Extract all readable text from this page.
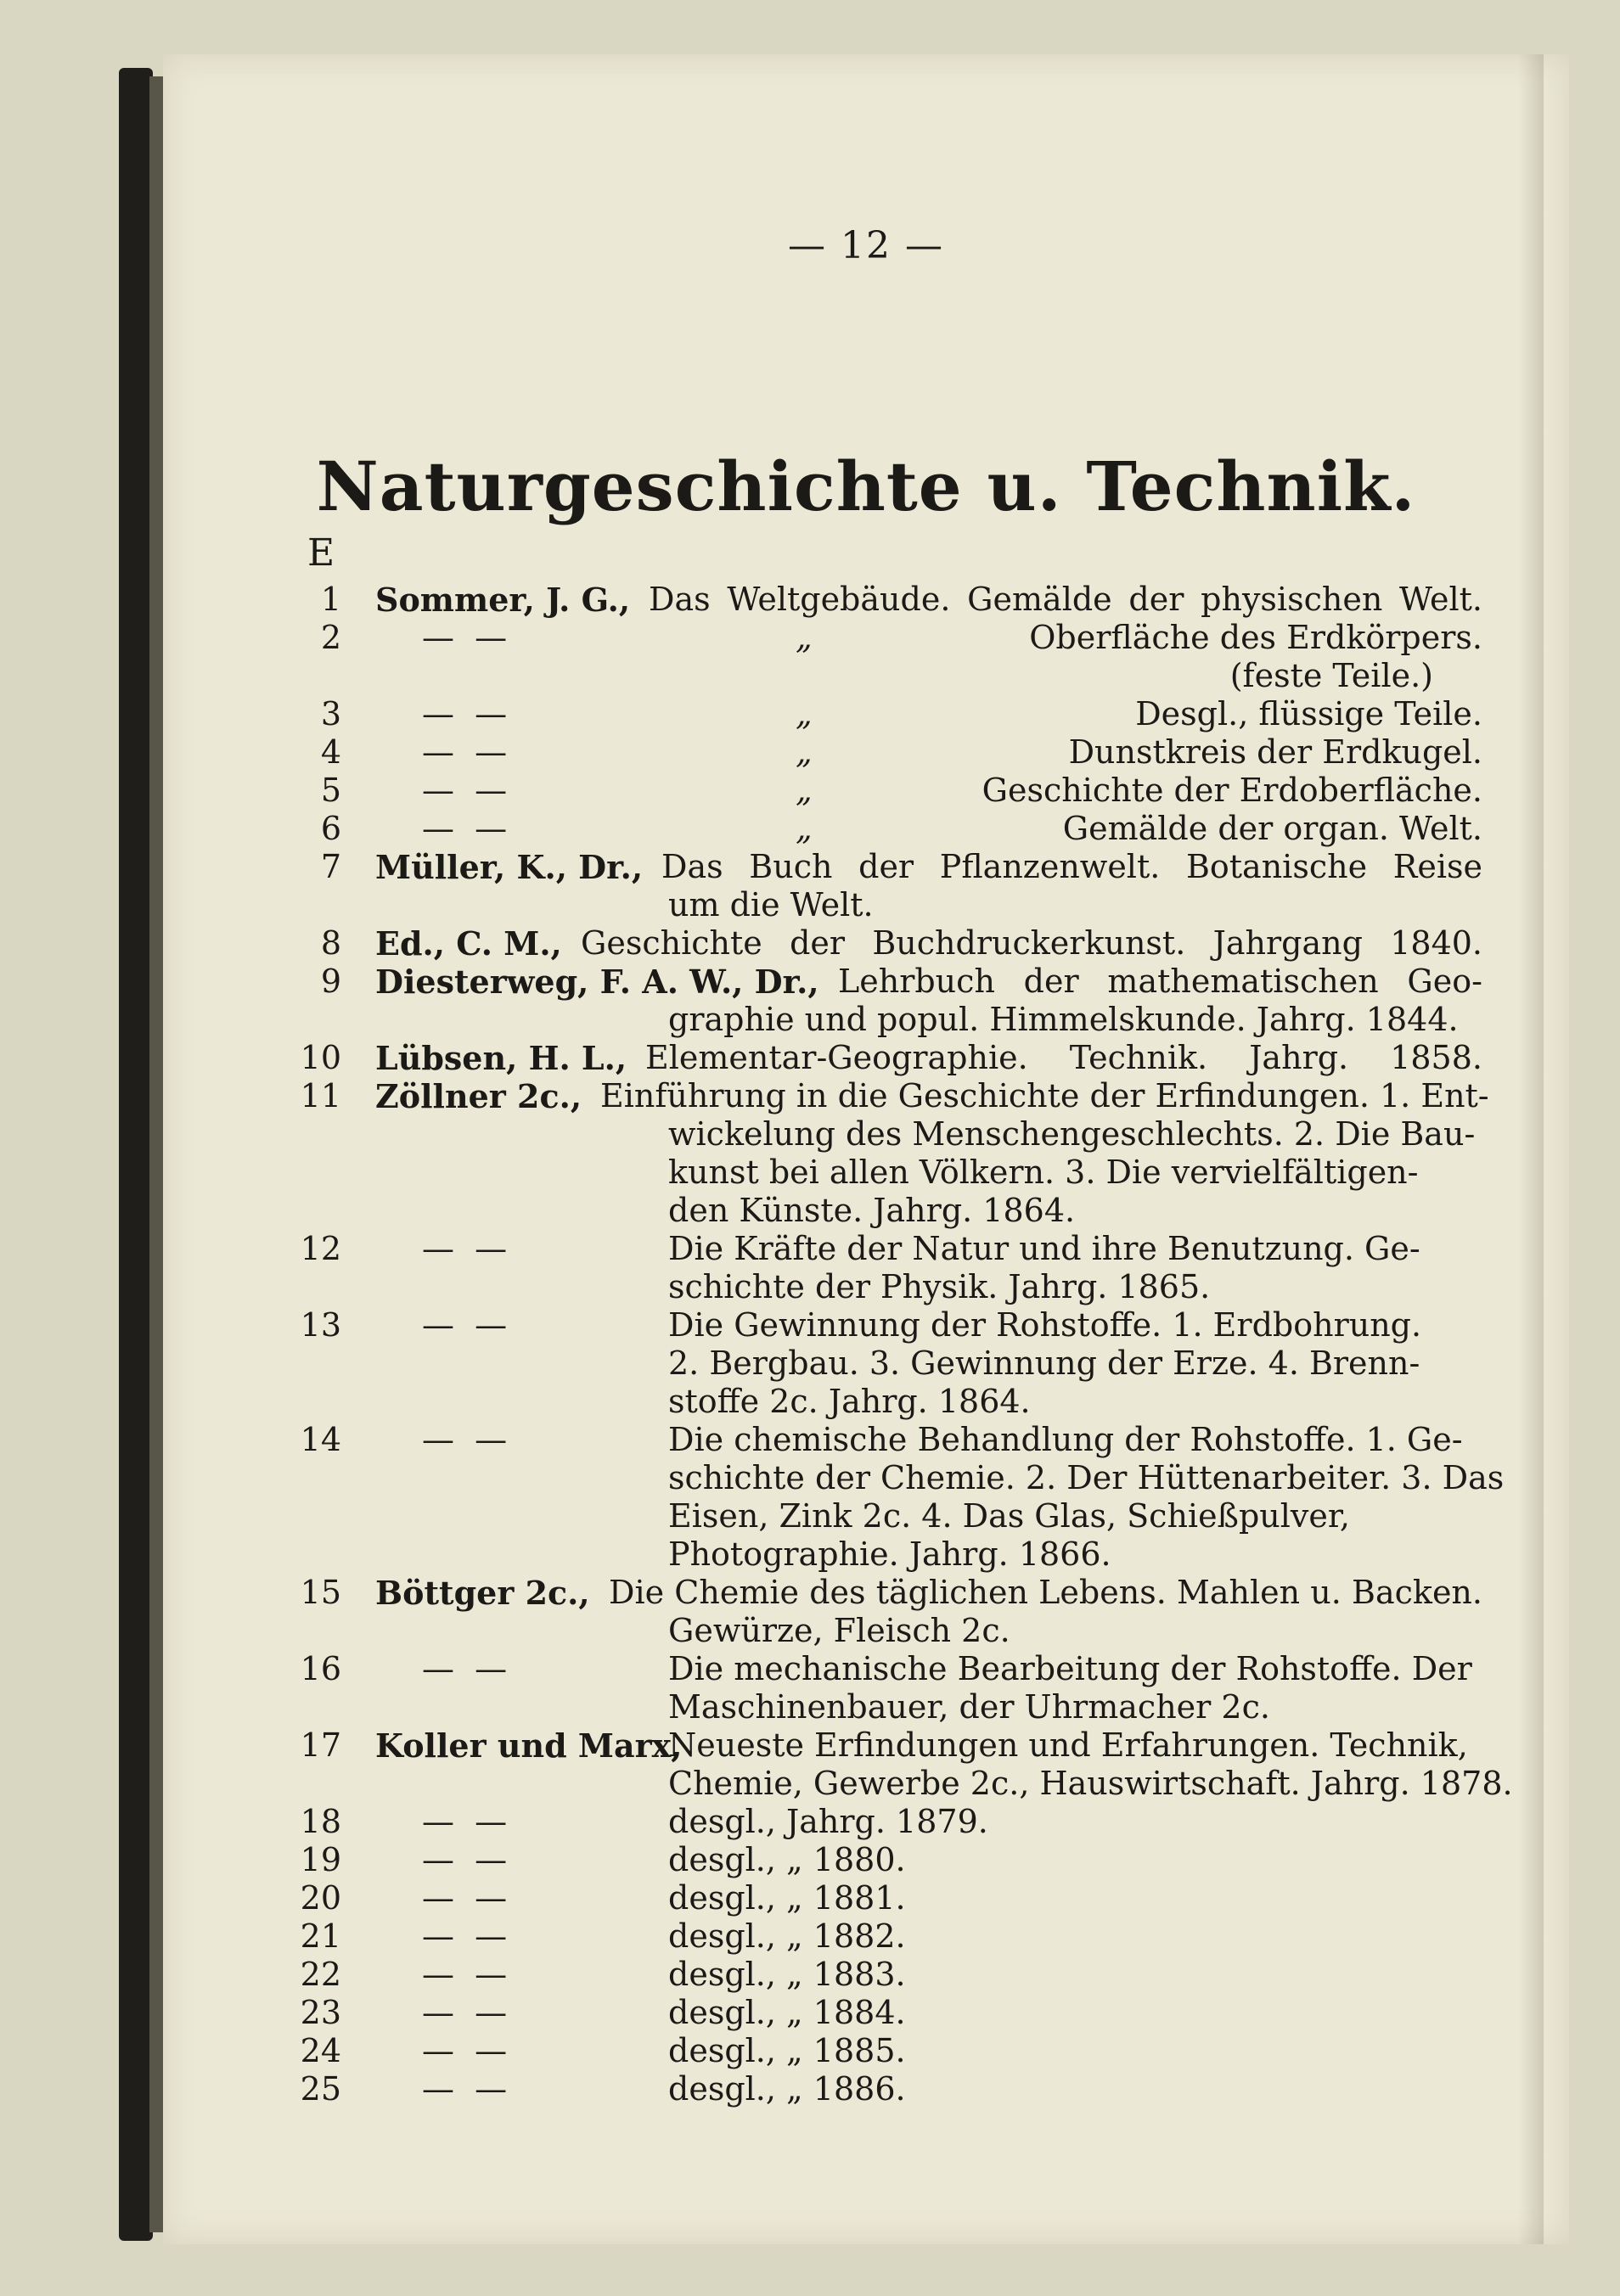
— 12 —
Naturgeschichte u. Technik.
E
1 Sommer, J. G., Das Weltgebäude. Gemälde der physischen Welt.
2	— —	„	Oberfläche des Erdkörpers.
(feste Teile.)
3	— —	„	Desgl., flüssige Teile.
4	— —	„	Dunstkreis der Erdkugel.
5	— —	„	Geschichte der Erdoberfläche.
6	— —	„	Gemälde der organ. Welt.
7 Müller, K., Dr., Das Buch der Pflanzenwelt. Botanische Reise
um die Welt.
8 Ed., C. M., Geschichte der Buchdruckerkunst. Jahrgang 1840.
9 Diesterweg, F. A. W., Dr., Lehrbuch der mathematischen Geo-
graphie und popul. Himmelskunde. Jahrg. 1844.
10 Lübsen, H. L., Elementar-Geographie. Technik. Jahrg. 1858.
11 Zöllner 2c., Einführung in die Geschichte der Erfindungen. 1. Ent-
wickelung des Menschengeschlechts. 2. Die Bau-
kunst bei allen Völkern. 3. Die vervielfältigen-
den Künste. Jahrg. 1864.
12	— —	Die Kräfte der Natur und ihre Benutzung. Ge-
schichte der Physik. Jahrg. 1865.
13	— —	Die Gewinnung der Rohstoffe. 1. Erdbohrung.
2. Bergbau. 3. Gewinnung der Erze. 4. Brenn-
stoffe 2c. Jahrg. 1864.
14	— —	Die chemische Behandlung der Rohstoffe. 1. Ge-
schichte der Chemie. 2. Der Hüttenarbeiter. 3. Das
Eisen, Zink 2c. 4. Das Glas, Schießpulver,
Photographie. Jahrg. 1866.
15 Böttger 2c., Die Chemie des täglichen Lebens. Mahlen u. Backen.
Gewürze, Fleisch 2c.
16	— —	Die mechanische Bearbeitung der Rohstoffe. Der
Maschinenbauer, der Uhrmacher 2c.
17 Koller und Marx,
Neueste Erfindungen und Erfahrungen. Technik,
Chemie, Gewerbe 2c., Hauswirtschaft. Jahrg. 1878.
18	— —	desgl., Jahrg. 1879.
19	— —	desgl., „ 1880.
20	— —	desgl., „ 1881.
21	— —	desgl., „ 1882.
22	— —	desgl., „ 1883.
23	— —	desgl., „ 1884.
24	— —	desgl., „ 1885.
25	— —	desgl., „ 1886.
